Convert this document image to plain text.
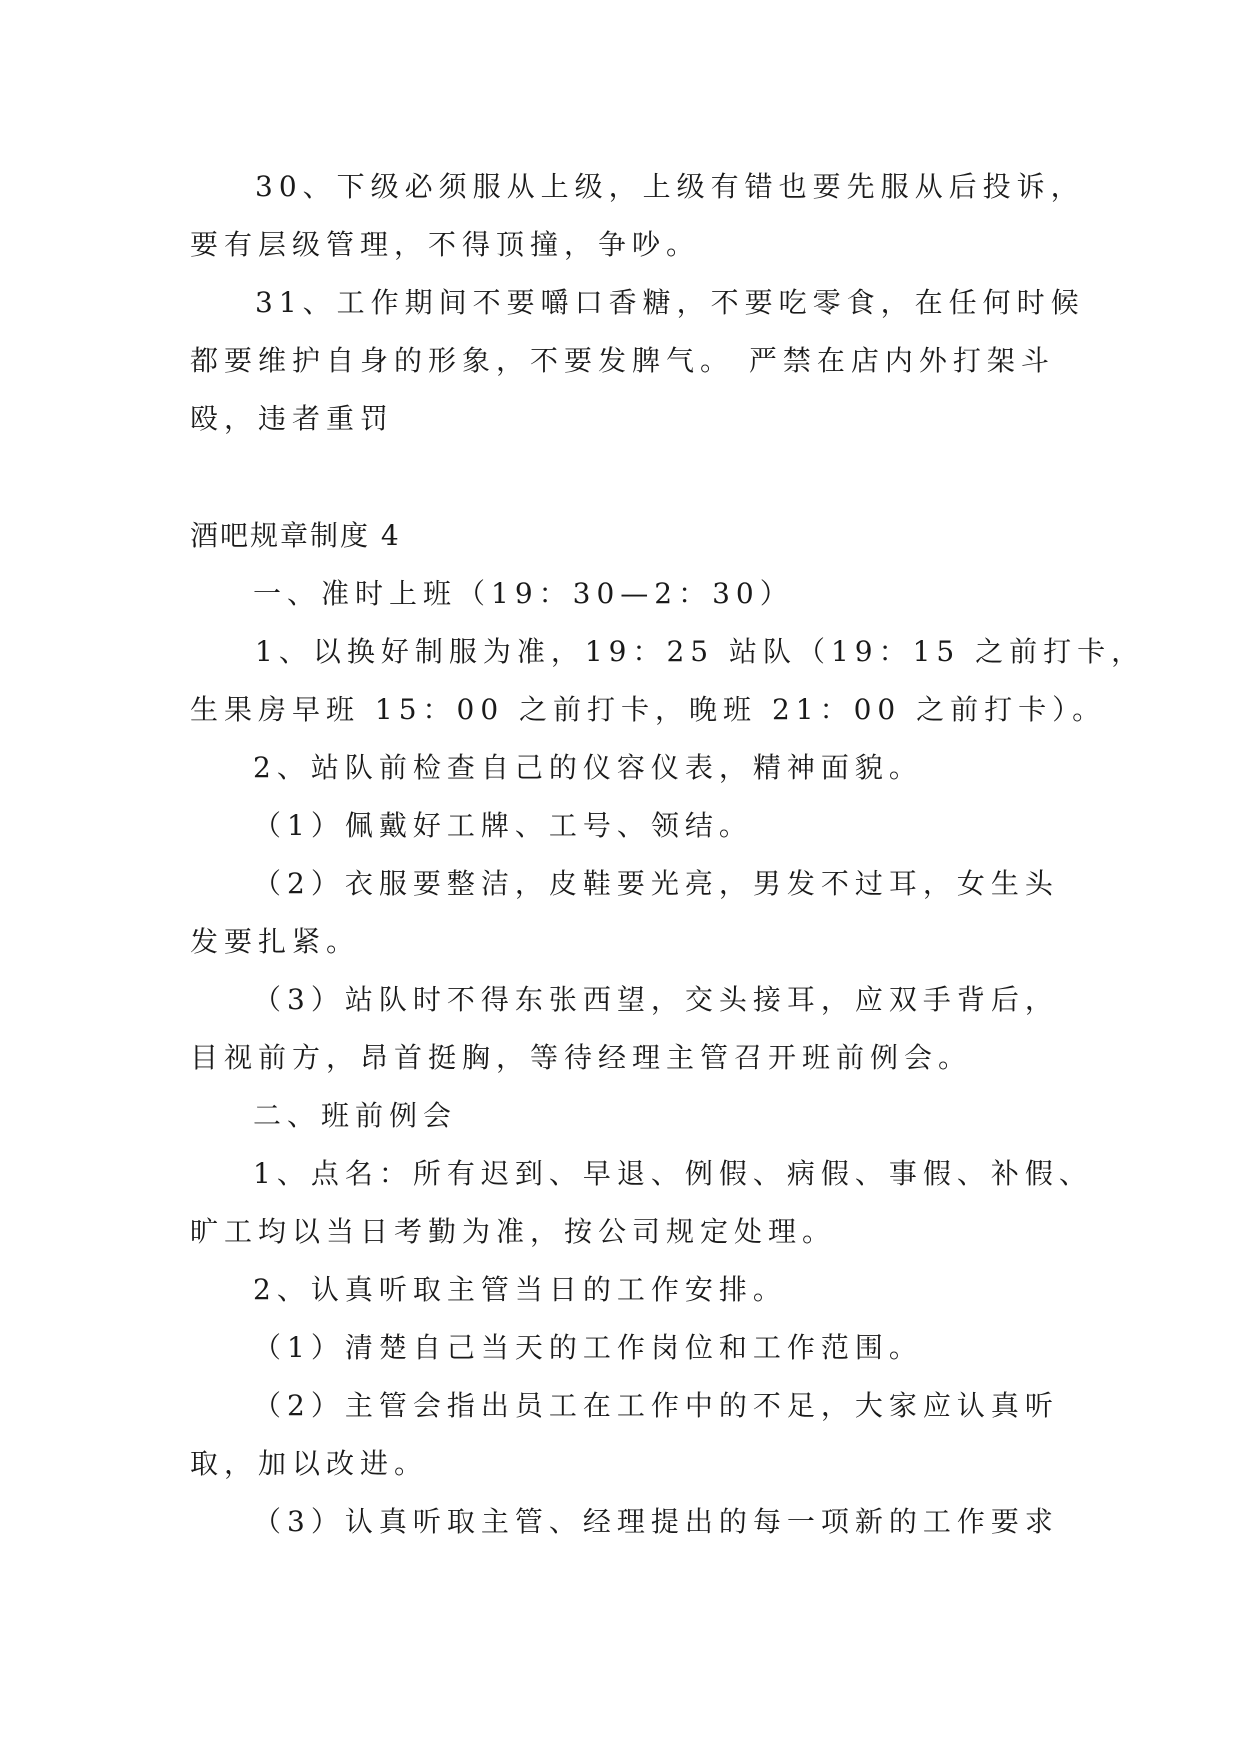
30、下级必须服从上级，上级有错也要先服从后投诉，
要有层级管理，不得顶撞，争吵。
31、工作期间不要嚼口香糖，不要吃零食，在任何时候
都要维护自身的形象，不要发脾气。 严禁在店内外打架斗
殴，违者重罚
酒吧规章制度 4
一、准时上班（19：30—2：30）
1、以换好制服为准，19：25 站队（19：15 之前打卡，
生果房早班 15：00 之前打卡，晚班 21：00 之前打卡）。
2、站队前检查自己的仪容仪表，精神面貌。
（1）佩戴好工牌、工号、领结。
（2）衣服要整洁，皮鞋要光亮，男发不过耳，女生头
发要扎紧。
（3）站队时不得东张西望，交头接耳，应双手背后，
目视前方，昂首挺胸，等待经理主管召开班前例会。
二、班前例会
1、点名：所有迟到、早退、例假、病假、事假、补假、
旷工均以当日考勤为准，按公司规定处理。
2、认真听取主管当日的工作安排。
（1）清楚自己当天的工作岗位和工作范围。
（2）主管会指出员工在工作中的不足，大家应认真听
取，加以改进。
（3）认真听取主管、经理提出的每一项新的工作要求
